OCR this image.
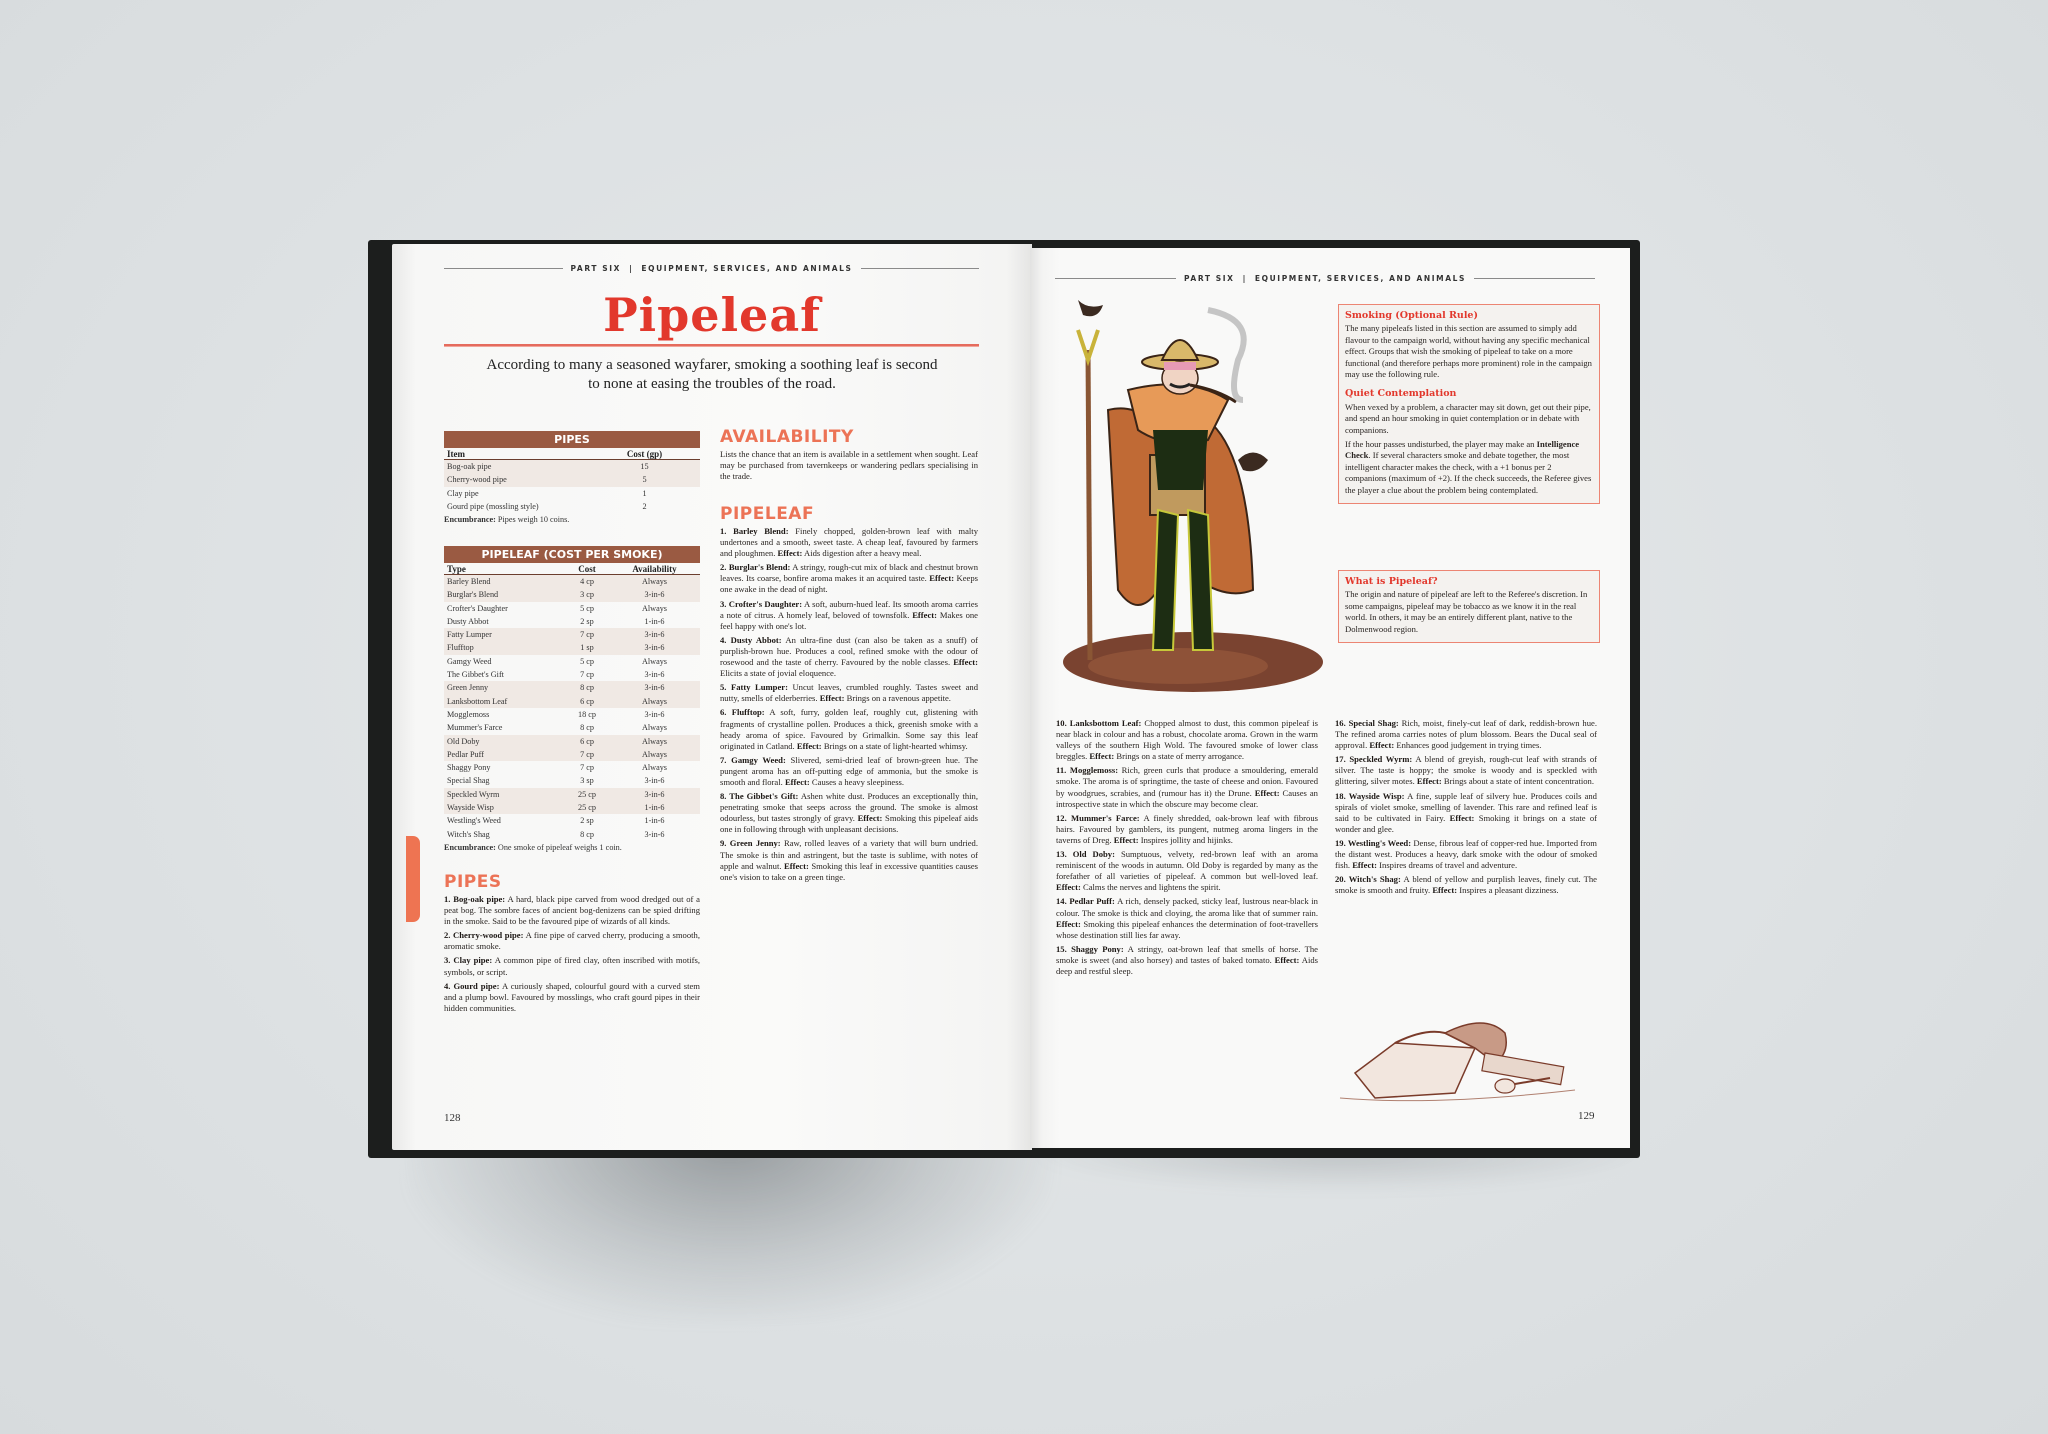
PART SIX | EQUIPMENT, SERVICES, AND ANIMALS
Pipeleaf
According to many a seasoned wayfarer, smoking a soothing leaf is second to none at easing the troubles of the road.
PIPES
Item	Cost (gp)
Bog-oak pipe	15
Cherry-wood pipe	5
Clay pipe	1
Gourd pipe (mossling style)	2
Encumbrance: Pipes weigh 10 coins.
PIPELEAF (COST PER SMOKE)
Type	Cost	Availability
Barley Blend	4 cp	Always
Burglar's Blend	3 cp	3-in-6
Crofter's Daughter	5 cp	Always
Dusty Abbot	2 sp	1-in-6
Fatty Lumper	7 cp	3-in-6
Flufftop	1 sp	3-in-6
Gamgy Weed	5 cp	Always
The Gibbet's Gift	7 cp	3-in-6
Green Jenny	8 cp	3-in-6
Lanksbottom Leaf	6 cp	Always
Mogglemoss	18 cp	3-in-6
Mummer's Farce	8 cp	Always
Old Doby	6 cp	Always
Pedlar Puff	7 cp	Always
Shaggy Pony	7 cp	Always
Special Shag	3 sp	3-in-6
Speckled Wyrm	25 cp	3-in-6
Wayside Wisp	25 cp	1-in-6
Westling's Weed	2 sp	1-in-6
Witch's Shag	8 cp	3-in-6
Encumbrance: One smoke of pipeleaf weighs 1 coin.
PIPES

1. Bog-oak pipe: A hard, black pipe carved from wood dredged out of a peat bog. The sombre faces of ancient bog-denizens can be spied drifting in the smoke. Said to be the favoured pipe of wizards of all kinds.

2. Cherry-wood pipe: A fine pipe of carved cherry, producing a smooth, aromatic smoke.

3. Clay pipe: A common pipe of fired clay, often inscribed with motifs, symbols, or script.

4. Gourd pipe: A curiously shaped, colourful gourd with a curved stem and a plump bowl. Favoured by mosslings, who craft gourd pipes in their hidden communities.

AVAILABILITY

Lists the chance that an item is available in a settlement when sought. Leaf may be purchased from tavernkeeps or wandering pedlars specialising in the trade.

PIPELEAF

1. Barley Blend: Finely chopped, golden-brown leaf with malty undertones and a smooth, sweet taste. A cheap leaf, favoured by farmers and ploughmen. Effect: Aids digestion after a heavy meal.

2. Burglar's Blend: A stringy, rough-cut mix of black and chestnut brown leaves. Its coarse, bonfire aroma makes it an acquired taste. Effect: Keeps one awake in the dead of night.

3. Crofter's Daughter: A soft, auburn-hued leaf. Its smooth aroma carries a note of citrus. A homely leaf, beloved of townsfolk. Effect: Makes one feel happy with one's lot.

4. Dusty Abbot: An ultra-fine dust (can also be taken as a snuff) of purplish-brown hue. Produces a cool, refined smoke with the odour of rosewood and the taste of cherry. Favoured by the noble classes. Effect: Elicits a state of jovial eloquence.

5. Fatty Lumper: Uncut leaves, crumbled roughly. Tastes sweet and nutty, smells of elderberries. Effect: Brings on a ravenous appetite.

6. Flufftop: A soft, furry, golden leaf, roughly cut, glistening with fragments of crystalline pollen. Produces a thick, greenish smoke with a heady aroma of spice. Favoured by Grimalkin. Some say this leaf originated in Catland. Effect: Brings on a state of light-hearted whimsy.

7. Gamgy Weed: Slivered, semi-dried leaf of brown-green hue. The pungent aroma has an off-putting edge of ammonia, but the smoke is smooth and floral. Effect: Causes a heavy sleepiness.

8. The Gibbet's Gift: Ashen white dust. Produces an exceptionally thin, penetrating smoke that seeps across the ground. The smoke is almost odourless, but tastes strongly of gravy. Effect: Smoking this pipeleaf aids one in following through with unpleasant decisions.

9. Green Jenny: Raw, rolled leaves of a variety that will burn undried. The smoke is thin and astringent, but the taste is sublime, with notes of apple and walnut. Effect: Smoking this leaf in excessive quantities causes one's vision to take on a green tinge.

128
PART SIX | EQUIPMENT, SERVICES, AND ANIMALS
Smoking (Optional Rule)

The many pipeleafs listed in this section are assumed to simply add flavour to the campaign world, without having any specific mechanical effect. Groups that wish the smoking of pipeleaf to take on a more functional (and therefore perhaps more prominent) role in the campaign may use the following rule.

Quiet Contemplation

When vexed by a problem, a character may sit down, get out their pipe, and spend an hour smoking in quiet contemplation or in debate with companions.

If the hour passes undisturbed, the player may make an Intelligence Check. If several characters smoke and debate together, the most intelligent character makes the check, with a +1 bonus per 2 companions (maximum of +2). If the check succeeds, the Referee gives the player a clue about the problem being contemplated.

What is Pipeleaf?

The origin and nature of pipeleaf are left to the Referee's discretion. In some campaigns, pipeleaf may be tobacco as we know it in the real world. In others, it may be an entirely different plant, native to the Dolmenwood region.

10. Lanksbottom Leaf: Chopped almost to dust, this common pipeleaf is near black in colour and has a robust, chocolate aroma. Grown in the warm valleys of the southern High Wold. The favoured smoke of lower class breggles. Effect: Brings on a state of merry arrogance.

11. Mogglemoss: Rich, green curls that produce a smouldering, emerald smoke. The aroma is of springtime, the taste of cheese and onion. Favoured by woodgrues, scrabies, and (rumour has it) the Drune. Effect: Causes an introspective state in which the obscure may become clear.

12. Mummer's Farce: A finely shredded, oak-brown leaf with fibrous hairs. Favoured by gamblers, its pungent, nutmeg aroma lingers in the taverns of Dreg. Effect: Inspires jollity and hijinks.

13. Old Doby: Sumptuous, velvety, red-brown leaf with an aroma reminiscent of the woods in autumn. Old Doby is regarded by many as the forefather of all varieties of pipeleaf. A common but well-loved leaf. Effect: Calms the nerves and lightens the spirit.

14. Pedlar Puff: A rich, densely packed, sticky leaf, lustrous near-black in colour. The smoke is thick and cloying, the aroma like that of summer rain. Effect: Smoking this pipeleaf enhances the determination of foot-travellers whose destination still lies far away.

15. Shaggy Pony: A stringy, oat-brown leaf that smells of horse. The smoke is sweet (and also horsey) and tastes of baked tomato. Effect: Aids deep and restful sleep.

16. Special Shag: Rich, moist, finely-cut leaf of dark, reddish-brown hue. The refined aroma carries notes of plum blossom. Bears the Ducal seal of approval. Effect: Enhances good judgement in trying times.

17. Speckled Wyrm: A blend of greyish, rough-cut leaf with strands of silver. The taste is hoppy; the smoke is woody and is speckled with glittering, silver motes. Effect: Brings about a state of intent concentration.

18. Wayside Wisp: A fine, supple leaf of silvery hue. Produces coils and spirals of violet smoke, smelling of lavender. This rare and refined leaf is said to be cultivated in Fairy. Effect: Smoking it brings on a state of wonder and glee.

19. Westling's Weed: Dense, fibrous leaf of copper-red hue. Imported from the distant west. Produces a heavy, dark smoke with the odour of smoked fish. Effect: Inspires dreams of travel and adventure.

20. Witch's Shag: A blend of yellow and purplish leaves, finely cut. The smoke is smooth and fruity. Effect: Inspires a pleasant dizziness.

129
